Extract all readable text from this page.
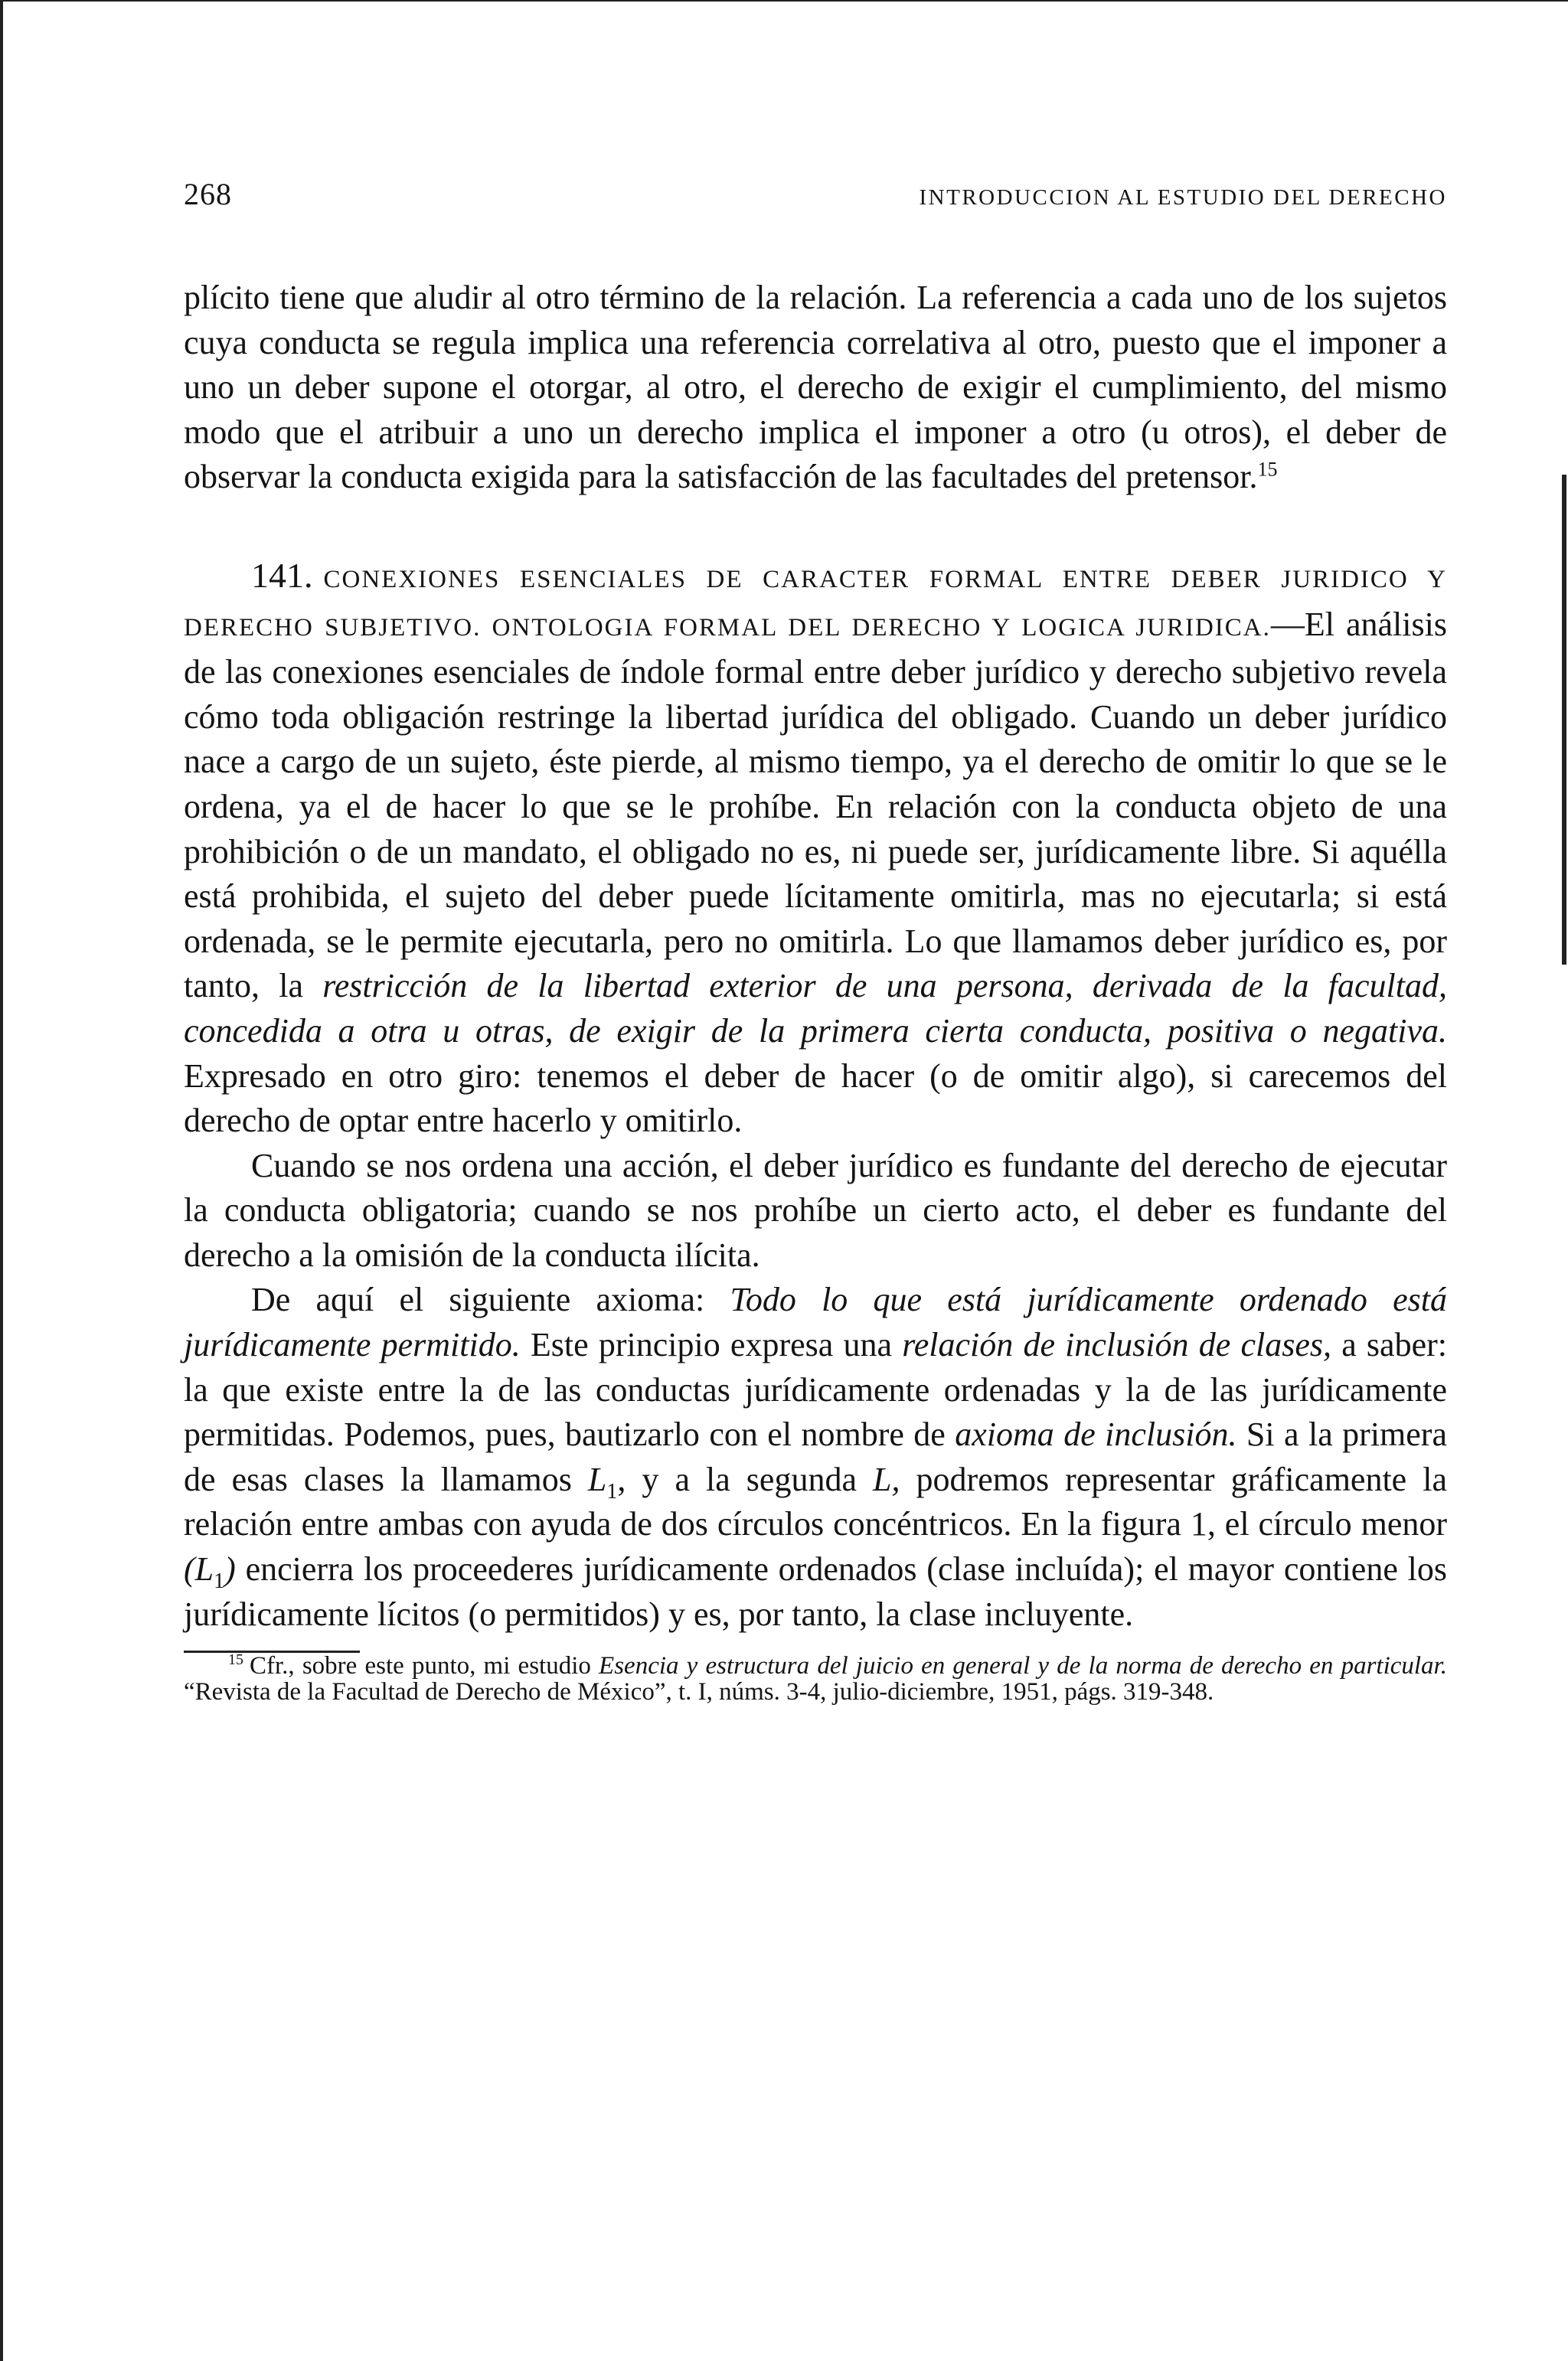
268	INTRODUCCION AL ESTUDIO DEL DERECHO

plícito tiene que aludir al otro término de la relación. La referencia a cada uno de los sujetos cuya conducta se regula implica una referencia correlativa al otro, puesto que el imponer a uno un deber supone el otorgar, al otro, el derecho de exigir el cumplimiento, del mismo modo que el atribuir a uno un derecho implica el imponer a otro (u otros), el deber de observar la conducta exigida para la satisfacción de las facultades del pretensor.$^{15}$

141. CONEXIONES ESENCIALES DE CARACTER FORMAL ENTRE DEBER JURIDICO Y DERECHO SUBJETIVO. ONTOLOGIA FORMAL DEL DERECHO Y LOGICA JURIDICA.—El análisis de las conexiones esenciales de índole formal entre deber jurídico y derecho subjetivo revela cómo toda obligación restringe la libertad jurídica del obligado. Cuando un deber jurídico nace a cargo de un sujeto, éste pierde, al mismo tiempo, ya el derecho de omitir lo que se le ordena, ya el de hacer lo que se le prohíbe. En relación con la conducta objeto de una prohibición o de un mandato, el obligado no es, ni puede ser, jurídicamente libre. Si aquélla está prohibida, el sujeto del deber puede lícitamente omitirla, mas no ejecutarla; si está ordenada, se le permite ejecutarla, pero no omitirla. Lo que llamamos deber jurídico es, por tanto, la restricción de la libertad exterior de una persona, derivada de la facultad, concedida a otra u otras, de exigir de la primera cierta conducta, positiva o negativa. Expresado en otro giro: tenemos el deber de hacer (o de omitir algo), si carecemos del derecho de optar entre hacerlo y omitirlo.

Cuando se nos ordena una acción, el deber jurídico es fundante del derecho de ejecutar la conducta obligatoria; cuando se nos prohíbe un cierto acto, el deber es fundante del derecho a la omisión de la conducta ilícita.

De aquí el siguiente axioma: Todo lo que está jurídicamente ordenado está jurídicamente permitido. Este principio expresa una relación de inclusión de clases, a saber: la que existe entre la de las conductas jurídicamente ordenadas y la de las jurídicamente permitidas. Podemos, pues, bautizarlo con el nombre de axioma de inclusión. Si a la primera de esas clases la llamamos $L_1$, y a la segunda L, podremos representar gráficamente la relación entre ambas con ayuda de dos círculos concéntricos. En la figura 1, el círculo menor $(L_1)$ encierra los proceederes jurídicamente ordenados (clase incluída); el mayor contiene los jurídicamente lícitos (o permitidos) y es, por tanto, la clase incluyente.

$^{15}$ Cfr., sobre este punto, mi estudio Esencia y estructura del juicio en general y de la norma de derecho en particular. “Revista de la Facultad de Derecho de México”, t. I, núms. 3-4, julio-diciembre, 1951, págs. 319-348.
